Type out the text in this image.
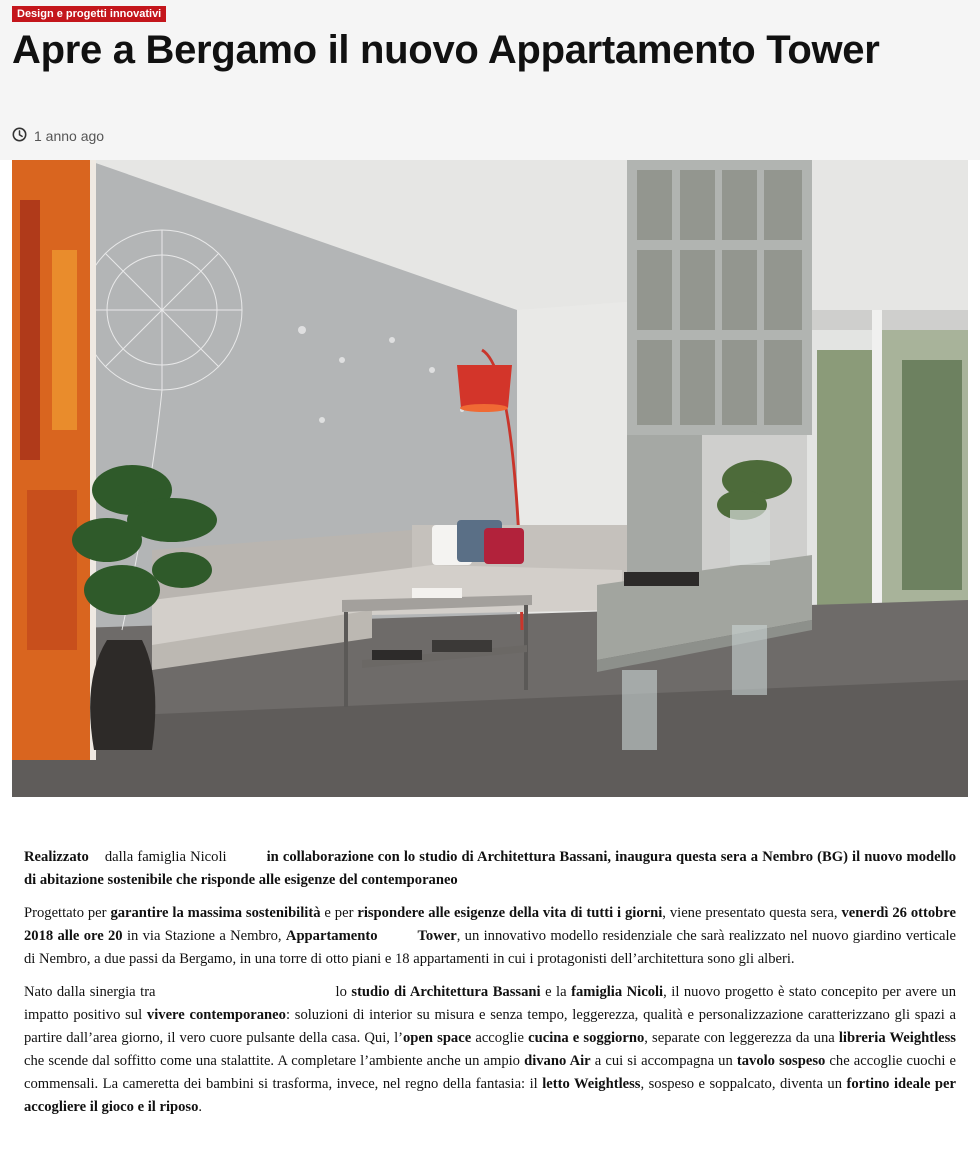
Design e progetti innovativi
Apre a Bergamo il nuovo Appartamento Tower
1 anno ago

Realizzato dalla famiglia Nicoli	in collaborazione con lo studio di Architettura Bassani, inaugura questa sera a Nembro (BG) il nuovo modello di abitazione sostenibile che risponde alle esigenze del contemporaneo

Progettato per garantire la massima sostenibilità e per rispondere alle esigenze della vita di tutti i giorni, viene presentato questa sera, venerdì 26 ottobre 2018 alle ore 20 in via Stazione a Nembro, Appartamento	Tower, un innovativo modello residenziale che sarà realizzato nel nuovo giardino verticale di Nembro, a due passi da Bergamo, in una torre di otto piani e 18 appartamenti in cui i protagonisti dell’architettura sono gli alberi.

Nato dalla sinergia tra	lo studio di Architettura Bassani e la famiglia Nicoli, il nuovo progetto è stato concepito per avere un impatto positivo sul vivere contemporaneo: soluzioni di interior su misura e senza tempo, leggerezza, qualità e personalizzazione caratterizzano gli spazi a partire dall’area giorno, il vero cuore pulsante della casa. Qui, l’open space accoglie cucina e soggiorno, separate con leggerezza da una libreria Weightless che scende dal soffitto come una stalattite. A completare l’ambiente anche un ampio divano Air a cui si accompagna un tavolo sospeso che accoglie cuochi e commensali. La cameretta dei bambini si trasforma, invece, nel regno della fantasia: il letto Weightless, sospeso e soppalcato, diventa un fortino ideale per accogliere il gioco e il riposo.
